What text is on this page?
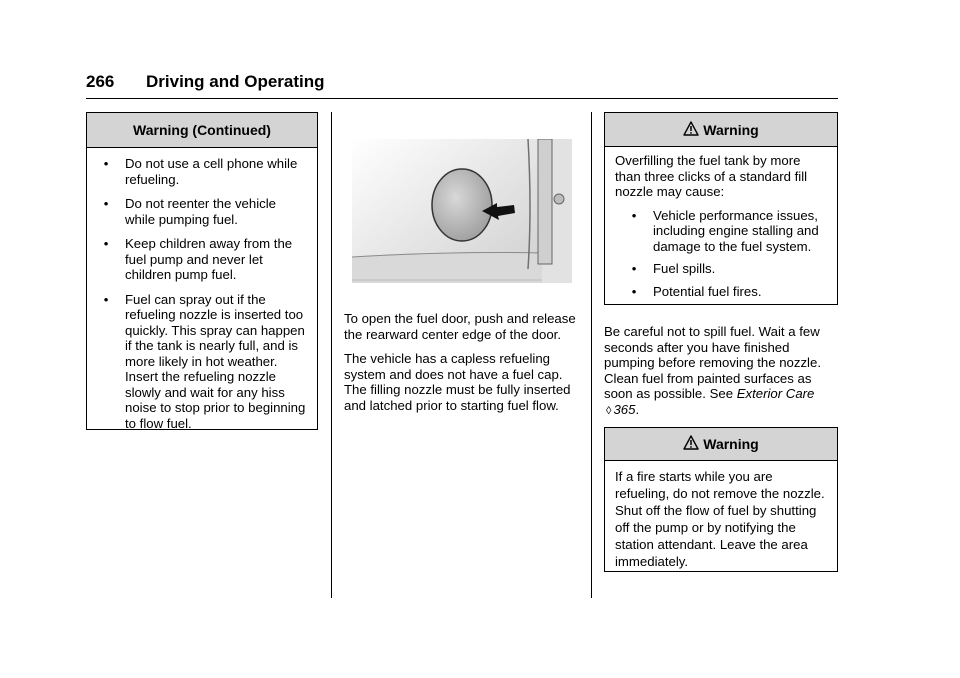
266 Driving and Operating
Warning (Continued)
•	Do not use a cell phone while refueling.
•	Do not reenter the vehicle while pumping fuel.
•	Keep children away from the fuel pump and never let children pump fuel.
•	Fuel can spray out if the refueling nozzle is inserted too quickly. This spray can happen if the tank is nearly full, and is more likely in hot weather. Insert the refueling nozzle slowly and wait for any hiss noise to stop prior to beginning to flow fuel.

To open the fuel door, push and release the rearward center edge of the door.

The vehicle has a capless refueling system and does not have a fuel cap. The filling nozzle must be fully inserted and latched prior to starting fuel flow.

Warning

Overfilling the fuel tank by more than three clicks of a standard fill nozzle may cause:

•	Vehicle performance issues, including engine stalling and damage to the fuel system.
•	Fuel spills.
•	Potential fuel fires.
Be careful not to spill fuel. Wait a few seconds after you have finished pumping before removing the nozzle. Clean fuel from painted surfaces as soon as possible. See Exterior Care ◊ 365.
Warning
If a fire starts while you are refueling, do not remove the nozzle. Shut off the flow of fuel by shutting off the pump or by notifying the station attendant. Leave the area immediately.
